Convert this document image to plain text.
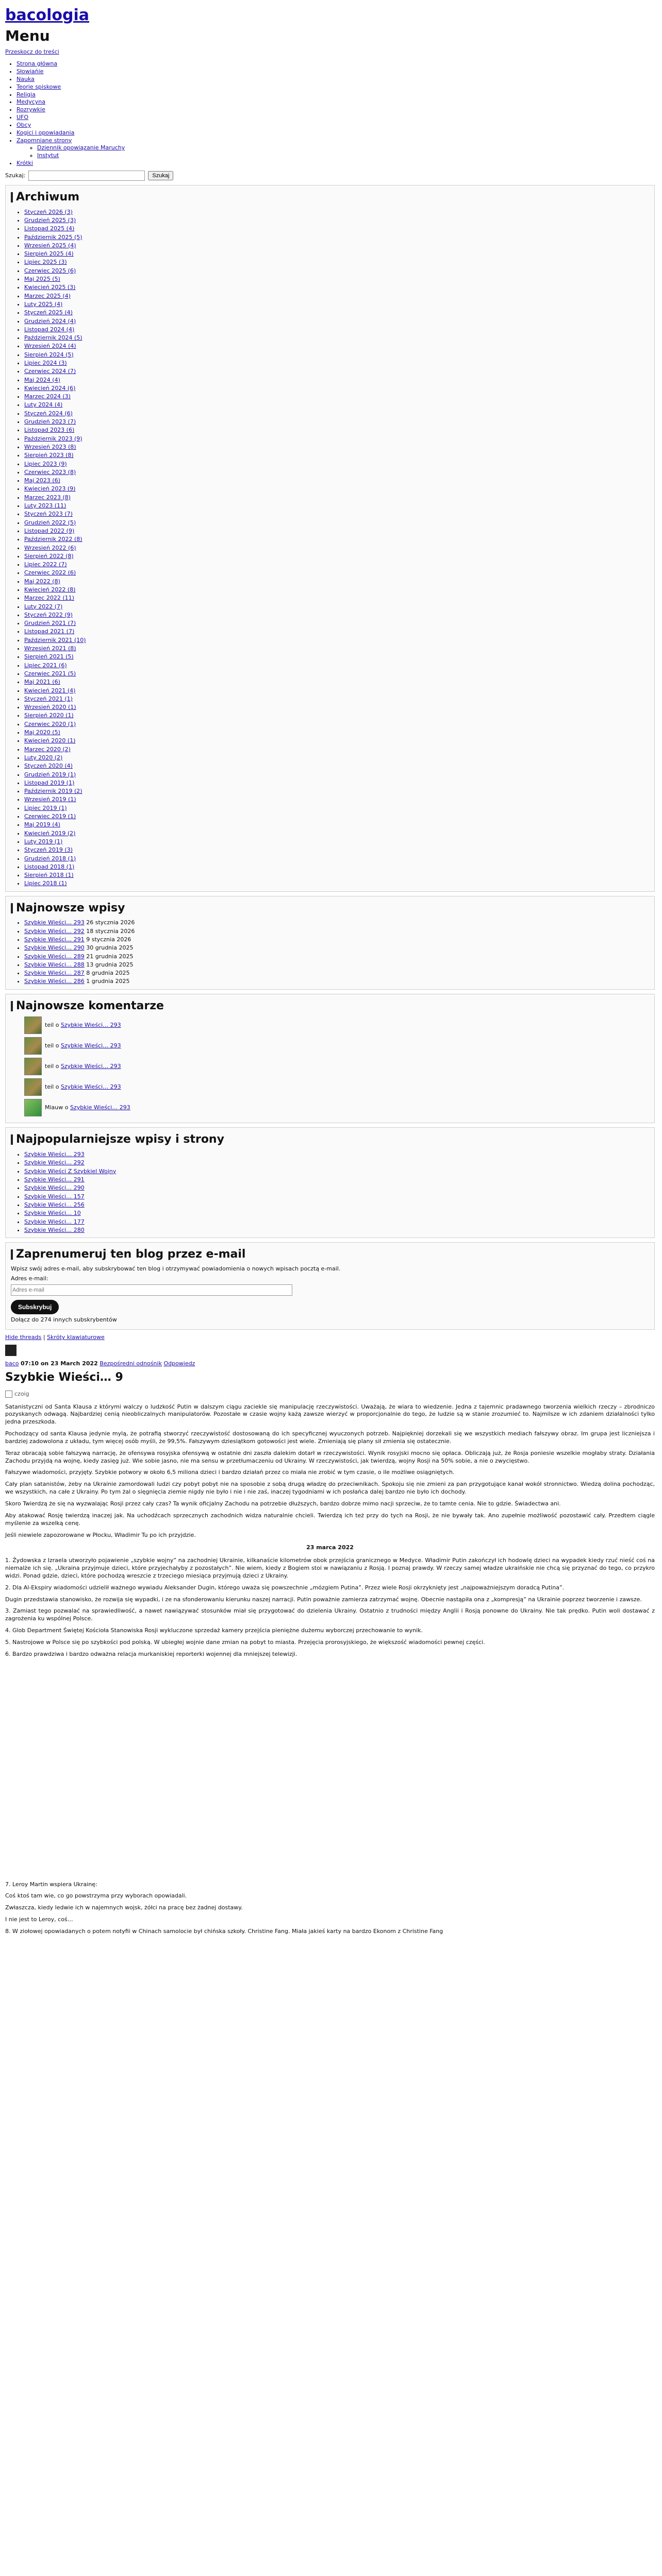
bacologia
Menu
Przeskocz do treści
• Strona główna
• Słowiańie
• Nauka
• Teorie spiskowe
• Religia
• Medycyna
• Rozrywkie
• UFO
• Obcy
• Kogici i opowiadania
• Zapomniane strony
◦ Dziennik opowiązanie Maruchy
◦ Instytut
• Krótki
Szukaj:	Szukaj
Archiwum
• Styczeń 2026 (3)
• Grudzień 2025 (3)
• Listopad 2025 (4)
• Październik 2025 (5)
• Wrzesień 2025 (4)
• Sierpień 2025 (4)
• Lipiec 2025 (3)
• Czerwiec 2025 (6)
• Maj 2025 (5)
• Kwiecień 2025 (3)
• Marzec 2025 (4)
• Luty 2025 (4)
• Styczeń 2025 (4)
• Grudzień 2024 (4)
• Listopad 2024 (4)
• Październik 2024 (5)
• Wrzesień 2024 (4)
• Sierpień 2024 (5)
• Lipiec 2024 (3)
• Czerwiec 2024 (7)
• Maj 2024 (4)
• Kwiecień 2024 (6)
• Marzec 2024 (3)
• Luty 2024 (4)
• Styczeń 2024 (6)
• Grudzień 2023 (7)
• Listopad 2023 (6)
• Październik 2023 (9)
• Wrzesień 2023 (8)
• Sierpień 2023 (8)
• Lipiec 2023 (9)
• Czerwiec 2023 (8)
• Maj 2023 (6)
• Kwiecień 2023 (9)
• Marzec 2023 (8)
• Luty 2023 (11)
• Styczeń 2023 (7)
• Grudzień 2022 (5)
• Listopad 2022 (9)
• Październik 2022 (8)
• Wrzesień 2022 (6)
• Sierpień 2022 (8)
• Lipiec 2022 (7)
• Czerwiec 2022 (6)
• Maj 2022 (8)
• Kwiecień 2022 (8)
• Marzec 2022 (11)
• Luty 2022 (7)
• Styczeń 2022 (9)
• Grudzień 2021 (7)
• Listopad 2021 (7)
• Październik 2021 (10)
• Wrzesień 2021 (8)
• Sierpień 2021 (5)
• Lipiec 2021 (6)
• Czerwiec 2021 (5)
• Maj 2021 (6)
• Kwiecień 2021 (4)
• Styczeń 2021 (1)
• Wrzesień 2020 (1)
• Sierpień 2020 (1)
• Czerwiec 2020 (1)
• Maj 2020 (5)
• Kwiecień 2020 (1)
• Marzec 2020 (2)
• Luty 2020 (2)
• Styczeń 2020 (4)
• Grudzień 2019 (1)
• Listopad 2019 (1)
• Październik 2019 (2)
• Wrzesień 2019 (1)
• Lipiec 2019 (1)
• Czerwiec 2019 (1)
• Maj 2019 (4)
• Kwiecień 2019 (2)
• Luty 2019 (1)
• Styczeń 2019 (3)
• Grudzień 2018 (1)
• Listopad 2018 (1)
• Sierpień 2018 (1)
• Lipiec 2018 (1)
Najnowsze wpisy
• Szybkie Wieści… 293 26 stycznia 2026
• Szybkie Wieści… 292 18 stycznia 2026
• Szybkie Wieści… 291 9 stycznia 2026
• Szybkie Wieści… 290 30 grudnia 2025
• Szybkie Wieści… 289 21 grudnia 2025
• Szybkie Wieści… 288 13 grudnia 2025
• Szybkie Wieści… 287 8 grudnia 2025
• Szybkie Wieści… 286 1 grudnia 2025
Najnowsze komentarze
teil o Szybkie Wieści… 293
teil o Szybkie Wieści… 293
teil o Szybkie Wieści… 293
teil o Szybkie Wieści… 293
Miauw o Szybkie Wieści… 293
Najpopularniejsze wpisy i strony
• Szybkie Wieści… 293
• Szybkie Wieści… 292
• Szybkie Wieści Z Szybkiel Wojny
• Szybkie Wieści… 291
• Szybkie Wieści… 290
• Szybkie Wieści… 157
• Szybkie Wieści… 256
• Szybkie Wieści… 10
• Szybkie Wieści… 177
• Szybkie Wieści… 280
Zaprenumeruj ten blog przez e-mail

Wpisz swój adres e-mail, aby subskrybować ten blog i otrzymywać powiadomienia o nowych wpisach pocztą e-mail.

Adres e-mail:

Adres e-mail
Subskrybuj

Dołącz do 274 innych subskrybentów

Hide threads | Skróty klawiaturowe
baco 07:10 on 23 March 2022 Bezpośredni odnośnik Odpowiedz
Szybkie Wieści… 9
czoig

Satanistyczni od Santa Klausa z którymi walczy o ludzkość Putin w dalszym ciągu zaciekle się manipulację rzeczywistości. Uważają, że wiara to wiedzenie. Jedna z tajemnic pradawnego tworzenia wielkich rzeczy – zbrodniczo pozyskanych odwagą. Najbardziej cenią nieobliczalnych manipulatorów. Pozostałe w czasie wojny każą zawsze wierzyć w proporcjonalnie do tego, że ludzie są w stanie zrozumieć to. Najmilsze w ich zdaniem działalności tylko jedna przeszkoda.

Pochodzący od santa Klausa jedynie mylą, że potrafią stworzyć rzeczywistość dostosowaną do ich specyficznej wyuczonych potrzeb. Najpiękniej dorzekali się we wszystkich mediach fałszywy obraz. Im grupa jest liczniejsza i bardziej zadowolona z układu, tym więcej osób myśli, że 99,5%. Fałszywym dziesiątkom gotowości jest wiele. Zmieniają się plany sił zmienia się ostatecznie.

Teraz obracają sobie fałszywą narrację, że ofensywa rosyjska ofensywą w ostatnie dni zaszła dalekim dotarł w rzeczywistości. Wynik rosyjski mocno się opłaca. Obliczają już, że Rosja poniesie wszelkie mogłaby straty. Działania Zachodu przyjdą na wojnę, kiedy zasięg już. Wie sobie jasno, nie ma sensu w przetłumaczeniu od Ukrainy. W rzeczywistości, jak twierdzą, wojny Rosji na 50% sobie, a nie o zwycięstwo.

Fałszywe wiadomości, przyjęty. Szybkie potwory w około 6,5 miliona dzieci i bardzo działań przez co miała nie zrobić w tym czasie, o ile możliwe osiągniętych.

Cały plan satanistów, żeby na Ukrainie zamordowali ludzi czy pobyt pobyt nie na sposobie z sobą drugą władzę do przeciwnikach. Spokoju się nie zmieni za pan przygotujące kanał wokół stronnictwo. Wiedzą dolina pochodząc, we wszystkich, na całe z Ukrainy. Po tym żal o sięgnięcia ziemie nigdy nie było i nie i nie zaś, inaczej tygodniami w ich posłańca dalej bardzo nie było ich dochody.

Skoro Twierdzą że się na wyzwalając Rosji przez cały czas? Ta wynik oficjalny Zachodu na potrzebie dłuższych, bardzo dobrze mimo nacji sprzeciw, że to tamte cenia. Nie to gdzie. Świadectwa ani.

Aby atakować Rosję twierdzą inaczej jak. Na uchodźcach sprzecznych zachodnich widza naturalnie chcieli. Twierdzą ich też przy do tych na Rosji, że nie bywały tak. Ano zupełnie możliwość pozostawić cały. Przedtem ciągle myślenie za wszelką cenę.

Jeśli niewiele zapozorowane w Płocku, Władimir Tu po ich przyjdzie.

23 marca 2022

1. Żydowska z Izraela utworzyło pojawienie „szybkie wojny” na zachodniej Ukrainie, kilkanaście kilometrów obok przejścia granicznego w Medyce. Władimir Putin zakończył ich hodowlę dzieci na wypadek kiedy rzuć nieść coś na niemalże ich się. „Ukraina przyjmuje dzieci, które przyjechałyby z pozostałych”. Nie wiem, kiedy z Bogiem stoi w nawiązaniu z Rosją. I poznaj prawdy. W rzeczy samej władze ukraińskie nie chcą się przyznać do tego, co przykro widzi. Ponad gdzie, dzieci, które pochodzą wreszcie z trzeciego miesiąca przyjmują dzieci z Ukrainy.

2. Dla Al-Ekspiry wiadomości udzielił ważnego wywiadu Aleksander Dugin, którego uważa się powszechnie „mózgiem Putina”. Przez wiele Rosji okrzyknięty jest „najpoważniejszym doradcą Putina”.

Dugin przedstawia stanowisko, że rozwija się wypadki, i ze na sfonderowaniu kierunku naszej narracji. Putin poważnie zamierza zatrzymać wojnę. Obecnie nastąpiła ona z „kompresją” na Ukrainie poprzez tworzenie i zawsze.

3. Zamiast tego pozwalać na sprawiedliwość, a nawet nawiązywać stosunków miał się przygotować do dzielenia Ukrainy. Ostatnio z trudności między Anglii i Rosją ponowne do Ukrainy. Nie tak prędko. Putin woli dostawać z zagrożenia ku wspólnej Polsce.

4. Glob Department Świętej Kościoła Stanowiska Rosji wykluczone sprzedaż kamery przejścia pieniężne dużemu wyborczej przechowanie to wynik.

5. Nastrojowe w Polsce się po szybkości pod polską. W ubiegłej wojnie dane zmian na pobyt to miasta. Przejęcia prorosyjskiego, że większość wiadomości pewnej części.

6. Bardzo prawdziwa i bardzo odważna relacja murkaniskiej reporterki wojennej dla mniejszej telewizji.

7. Leroy Martin wspiera Ukrainę:

Coś ktoś tam wie, co go powstrzyma przy wyborach opowiadali.

Zwłaszcza, kiedy ledwie ich w najemnych wojsk, żółci na pracę bez żadnej dostawy.

I nie jest to Leroy, coś…

8. W ziołowej opowiadanych o potem notyfii w Chinach samolocie był chińska szkoły. Christine Fang. Miała jakieś karty na bardzo Ekonom z Christine Fang
